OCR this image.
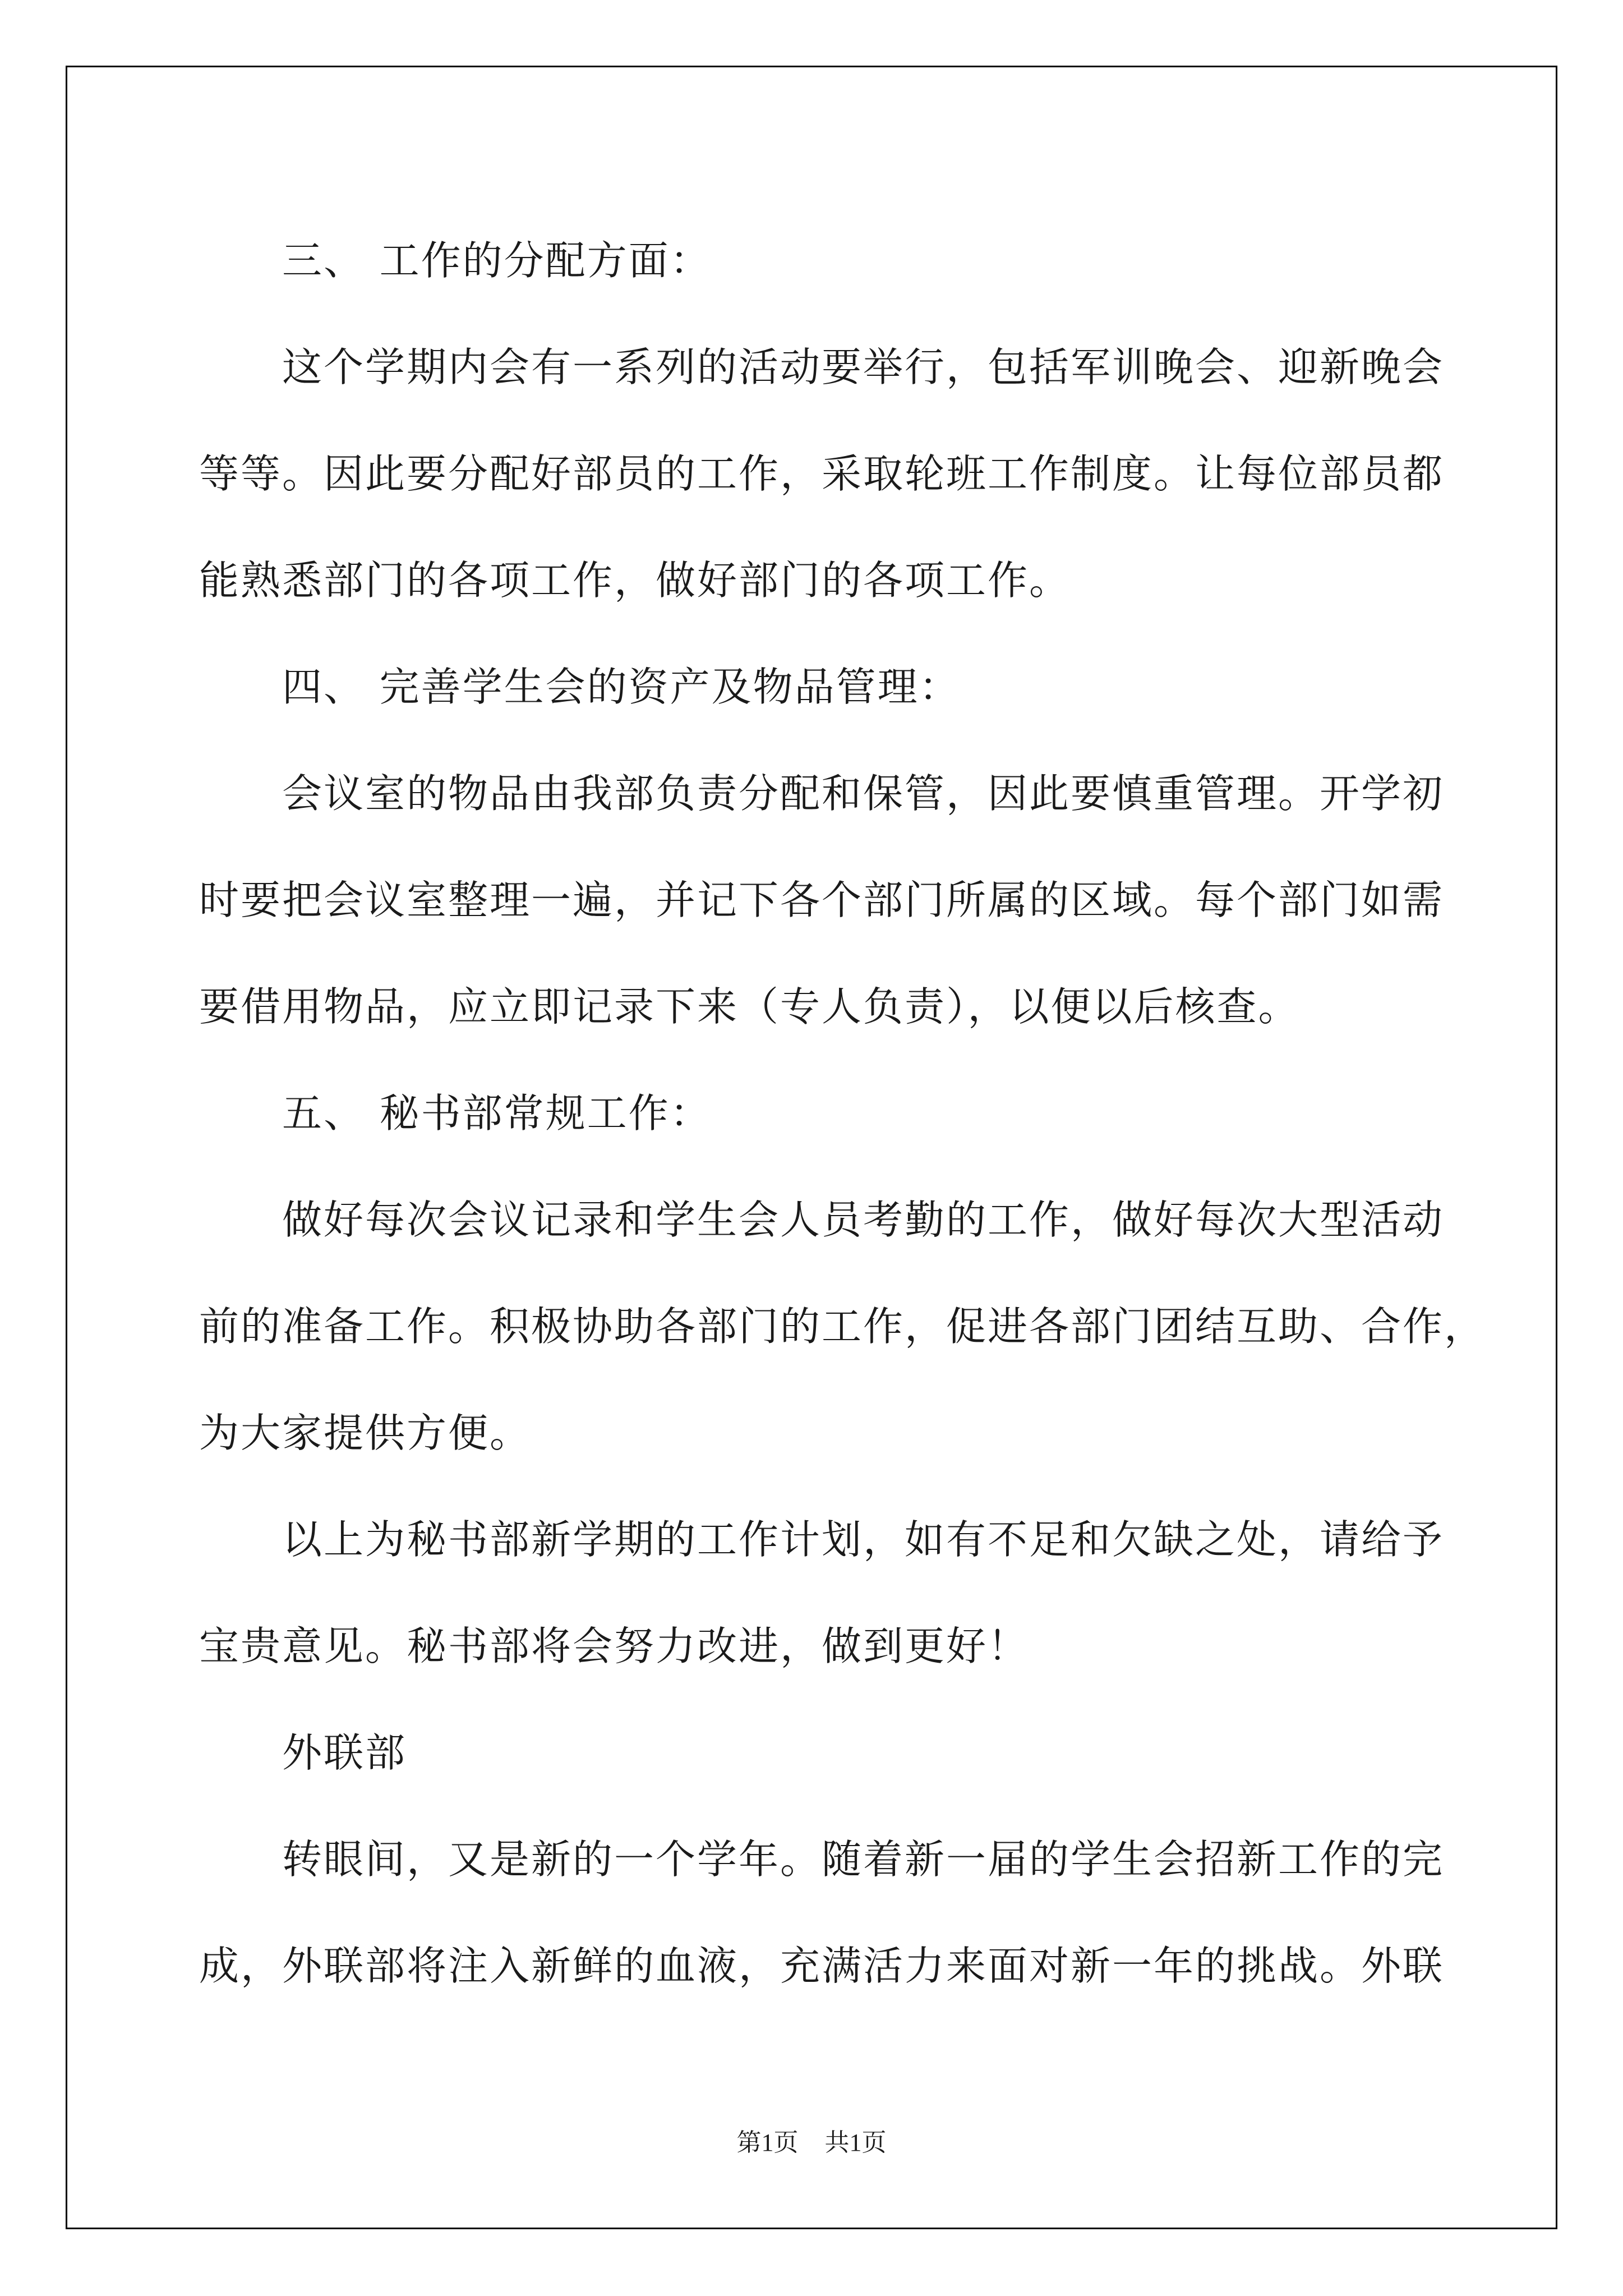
三、 工作的分配方面：
这个学期内会有一系列的活动要举行，包括军训晚会、迎新晚会
等等。因此要分配好部员的工作，采取轮班工作制度。让每位部员都
能熟悉部门的各项工作，做好部门的各项工作。
四、 完善学生会的资产及物品管理：
会议室的物品由我部负责分配和保管，因此要慎重管理。开学初
时要把会议室整理一遍，并记下各个部门所属的区域。每个部门如需
要借用物品，应立即记录下来（专人负责），以便以后核查。
五、 秘书部常规工作：
做好每次会议记录和学生会人员考勤的工作，做好每次大型活动
前的准备工作。积极协助各部门的工作，促进各部门团结互助、合作，
为大家提供方便。
以上为秘书部新学期的工作计划，如有不足和欠缺之处，请给予
宝贵意见。秘书部将会努力改进，做到更好！
外联部
转眼间，又是新的一个学年。随着新一届的学生会招新工作的完
成，外联部将注入新鲜的血液，充满活力来面对新一年的挑战。外联
第1页 共1页
